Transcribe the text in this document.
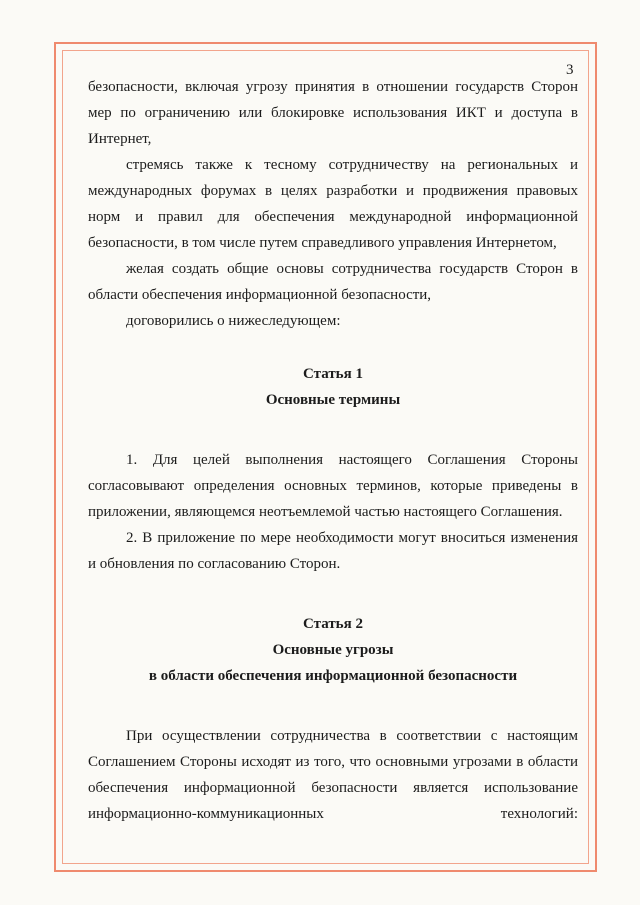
3

безопасности, включая угрозу принятия в отношении государств Сторон мер по ограничению или блокировке использования ИКТ и доступа в Интернет,

стремясь также к тесному сотрудничеству на региональных и международных форумах в целях разработки и продвижения правовых норм и правил для обеспечения международной информационной безопасности, в том числе путем справедливого управления Интернетом,

желая создать общие основы сотрудничества государств Сторон в области обеспечения информационной безопасности,

договорились о нижеследующем:

Статья 1
Основные термины

1. Для целей выполнения настоящего Соглашения Стороны согласовывают определения основных терминов, которые приведены в приложении, являющемся неотъемлемой частью настоящего Соглашения.

2. В приложение по мере необходимости могут вноситься изменения и обновления по согласованию Сторон.

Статья 2
Основные угрозы
в области обеспечения информационной безопасности

При осуществлении сотрудничества в соответствии с настоящим Соглашением Стороны исходят из того, что основными угрозами в области обеспечения информационной безопасности является использование информационно-коммуникационных технологий:
